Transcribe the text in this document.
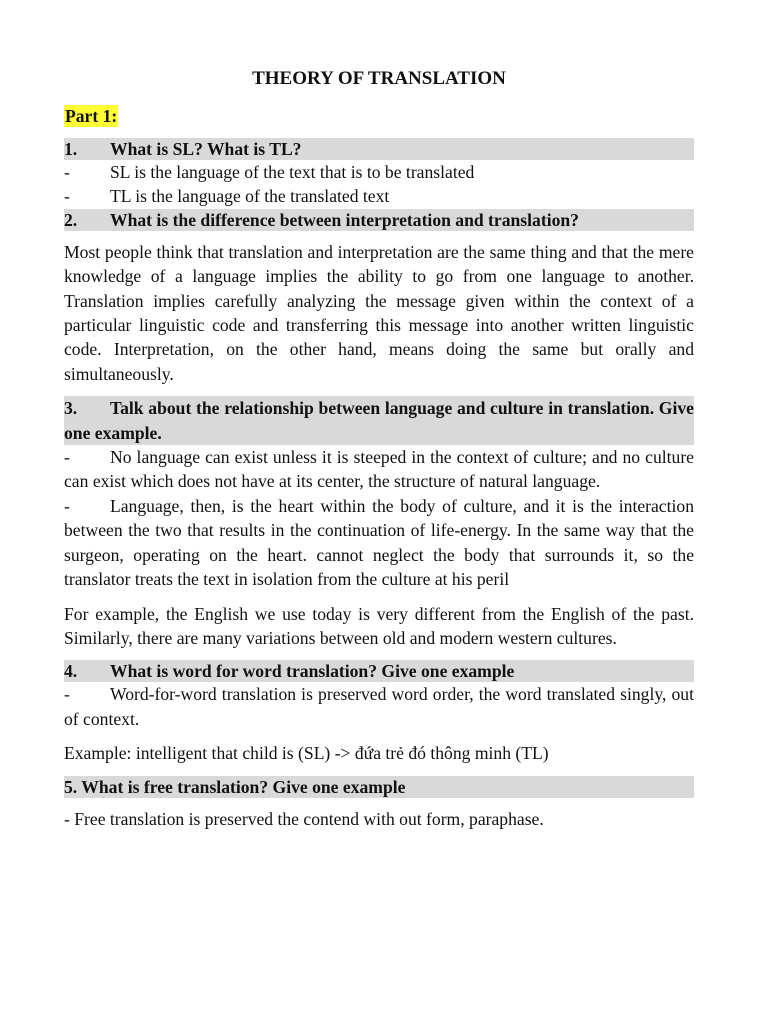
THEORY OF TRANSLATION
Part 1:
1.	What is SL? What is TL?
-	SL is the language of the text that is to be translated
-	TL is the language of the translated text
2.	What is the difference between interpretation and translation?
Most people think that translation and interpretation are the same thing and that the mere knowledge of a language implies the ability to go from one language to another. Translation implies carefully analyzing the message given within the context of a particular linguistic code and transferring this message into another written linguistic code. Interpretation, on the other hand, means doing the same but orally and simultaneously.
3. Talk about the relationship between language and culture in translation. Give one example.
- No language can exist unless it is steeped in the context of culture; and no culture can exist which does not have at its center, the structure of natural language.
- Language, then, is the heart within the body of culture, and it is the interaction between the two that results in the continuation of life-energy. In the same way that the surgeon, operating on the heart. cannot neglect the body that surrounds it, so the translator treats the text in isolation from the culture at his peril
For example, the English we use today is very different from the English of the past. Similarly, there are many variations between old and modern western cultures.
4.	What is word for word translation? Give one example
- Word-for-word translation is preserved word order, the word translated singly, out of context.
Example: intelligent that child is (SL) -> đứa trẻ đó thông minh (TL)
5. What is free translation? Give one example
- Free translation is preserved the contend with out form, paraphase.
